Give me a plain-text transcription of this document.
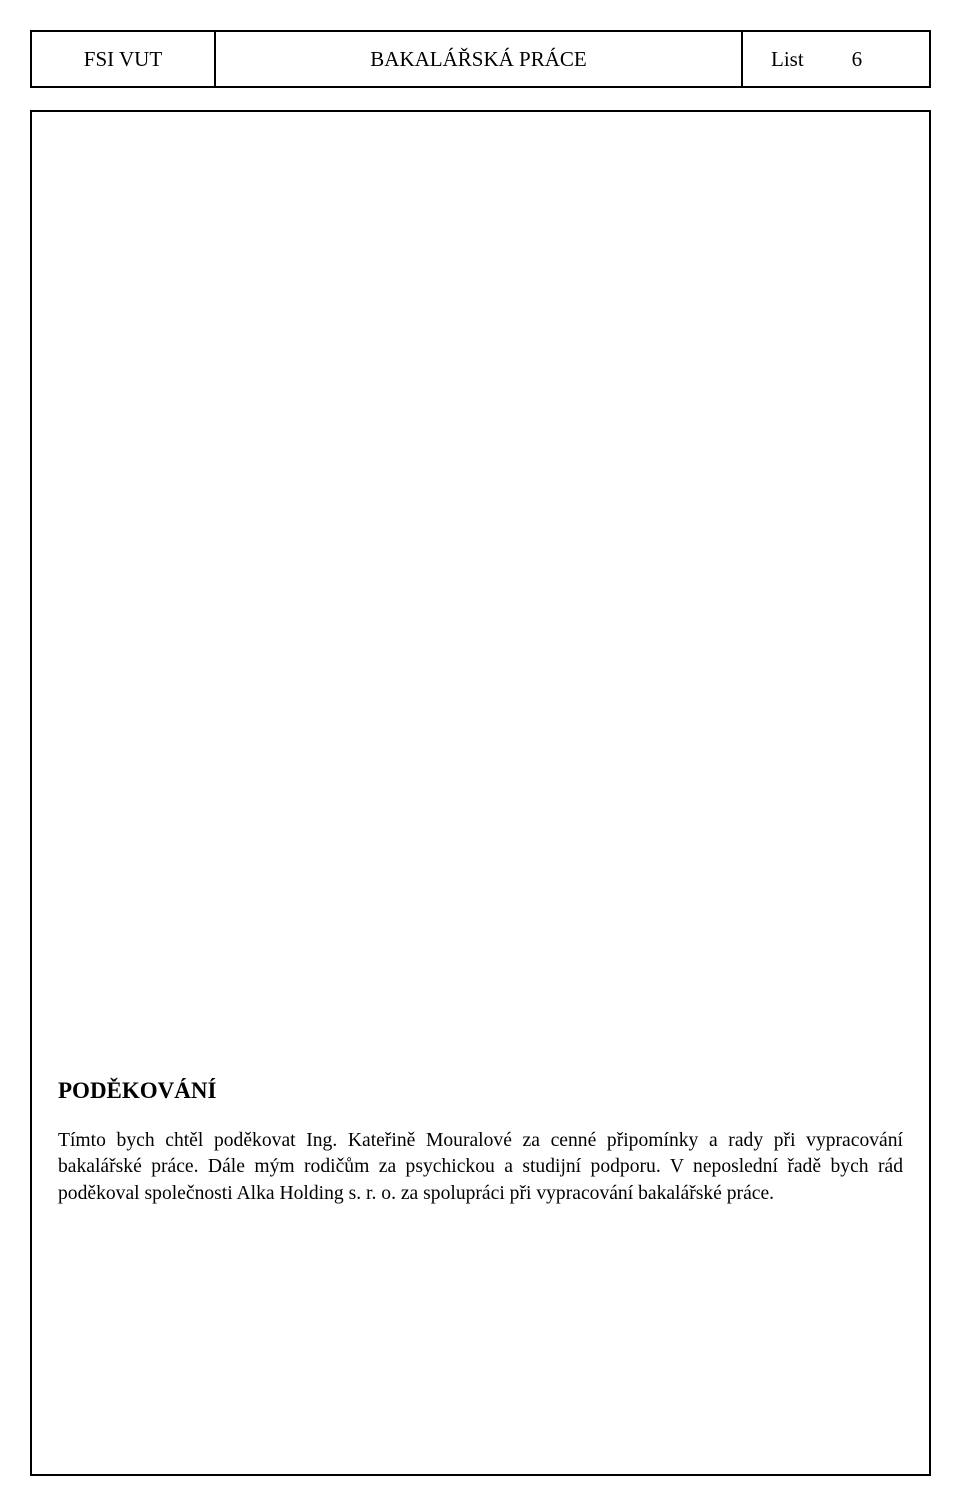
FSI VUT	BAKALÁŘSKÁ PRÁCE	List 6
PODĚKOVÁNÍ

Tímto bych chtěl poděkovat Ing. Kateřině Mouralové za cenné připomínky a rady při vypracování bakalářské práce. Dále mým rodičům za psychickou a studijní podporu. V neposlední řadě bych rád poděkoval společnosti Alka Holding s. r. o. za spolupráci při vypracování bakalářské práce.
